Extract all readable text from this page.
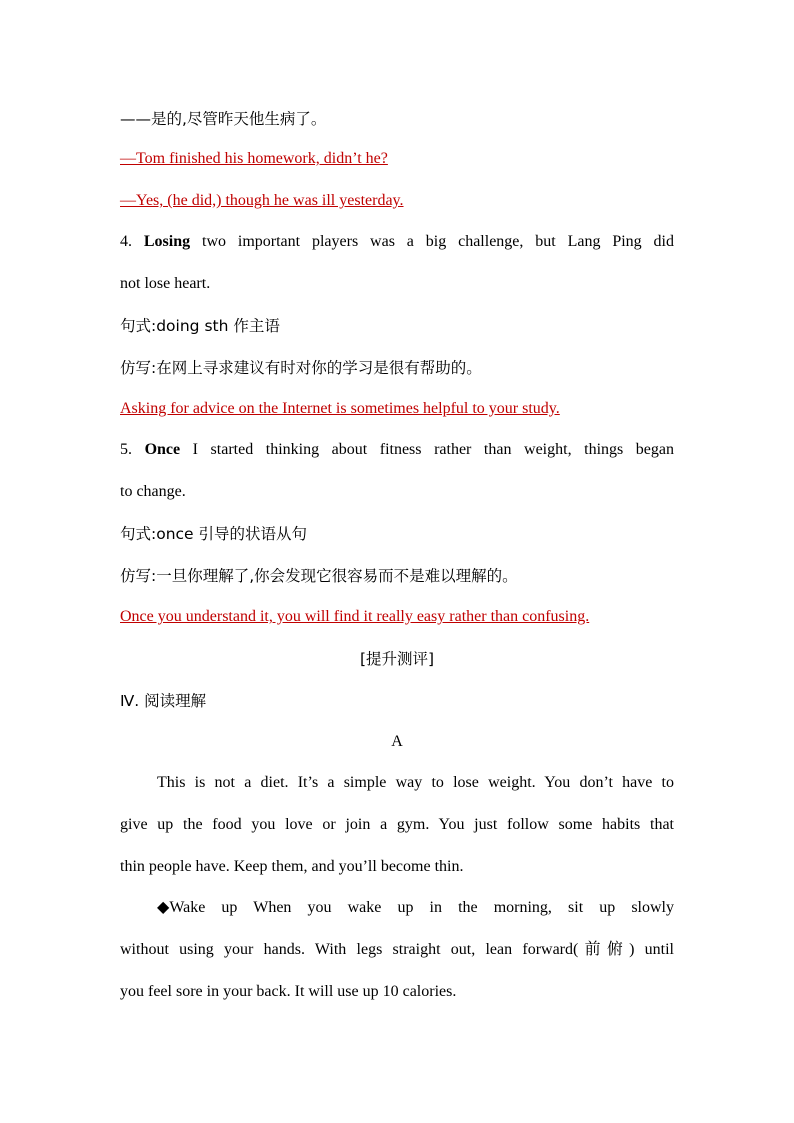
——是的,尽管昨天他生病了。
—Tom finished his homework, didn’t he?
—Yes, (he did,) though he was ill yesterday.
4. Losing two important players was a big challenge, but Lang Ping did
not lose heart.
句式:doing sth 作主语
仿写:在网上寻求建议有时对你的学习是很有帮助的。
Asking for advice on the Internet is sometimes helpful to your study.
5. Once I started thinking about fitness rather than weight, things began
to change.
句式:once 引导的状语从句
仿写:一旦你理解了,你会发现它很容易而不是难以理解的。
Once you understand it, you will find it really easy rather than confusing.
[提升测评]
Ⅳ. 阅读理解
A
This is not a diet. It’s a simple way to lose weight. You don’t have to
give up the food you love or join a gym. You just follow some habits that
thin people have. Keep them, and you’ll become thin.
◆ Wake up When you wake up in the morning, sit up slowly
without using your hands. With legs straight out, lean forward(前俯) until
you feel sore in your back. It will use up 10 calories.
